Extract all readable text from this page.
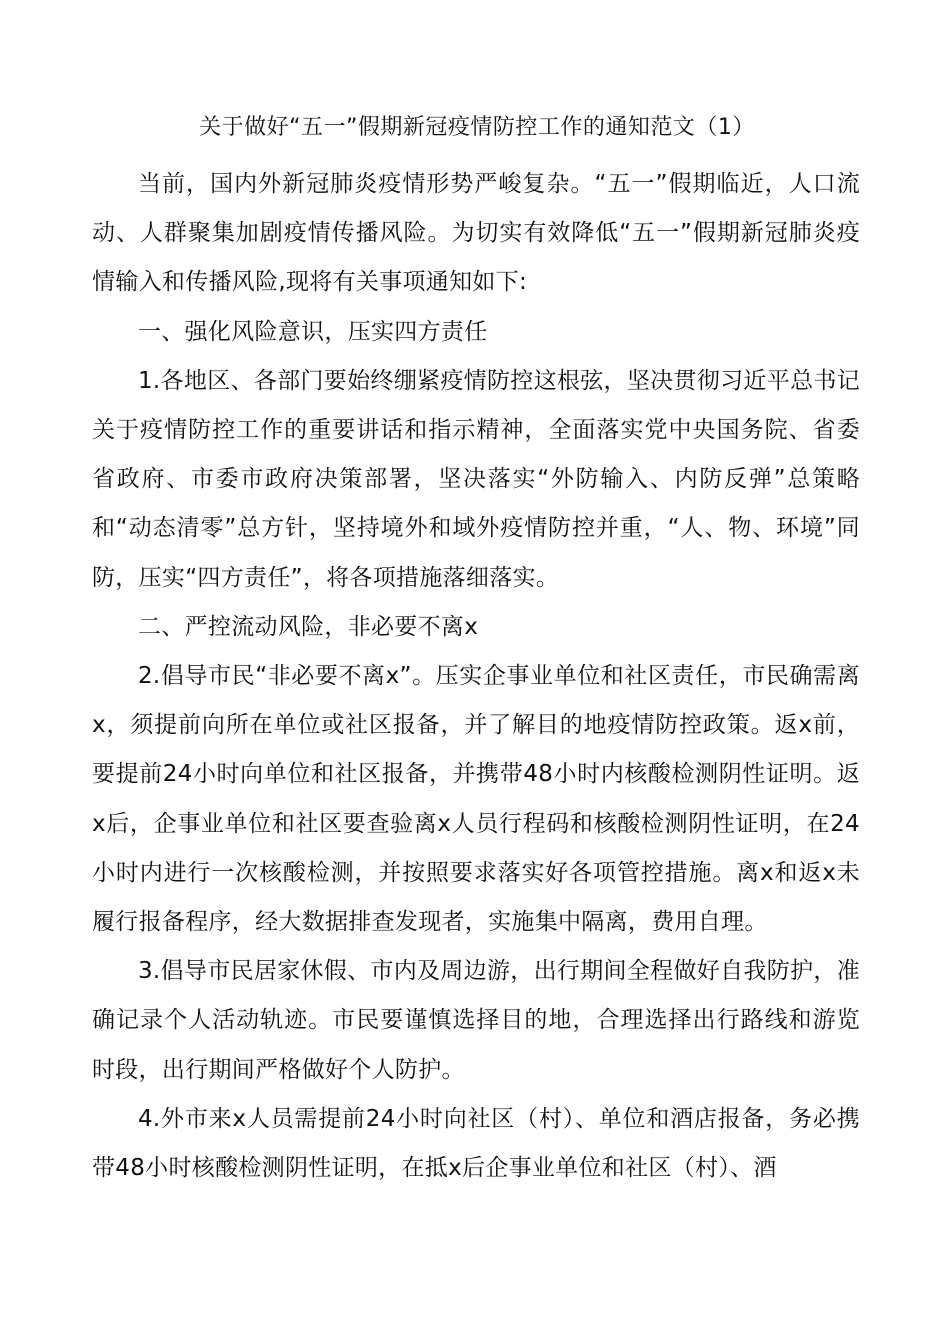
关于做好“五一”假期新冠疫情防控工作的通知范文（1）

当前，国内外新冠肺炎疫情形势严峻复杂。“五一”假期临近，人口流动、人群聚集加剧疫情传播风险。为切实有效降低“五一”假期新冠肺炎疫情输入和传播风险,现将有关事项通知如下:

一、强化风险意识，压实四方责任

1.各地区、各部门要始终绷紧疫情防控这根弦，坚决贯彻习近平总书记关于疫情防控工作的重要讲话和指示精神，全面落实党中央国务院、省委省政府、市委市政府决策部署，坚决落实“外防输入、内防反弹”总策略和“动态清零”总方针，坚持境外和域外疫情防控并重，“人、物、环境”同防，压实“四方责任”，将各项措施落细落实。

二、严控流动风险，非必要不离x

2.倡导市民“非必要不离x”。压实企事业单位和社区责任，市民确需离x，须提前向所在单位或社区报备，并了解目的地疫情防控政策。返x前，要提前24小时向单位和社区报备，并携带48小时内核酸检测阴性证明。返x后，企事业单位和社区要查验离x人员行程码和核酸检测阴性证明，在24小时内进行一次核酸检测，并按照要求落实好各项管控措施。离x和返x未履行报备程序，经大数据排查发现者，实施集中隔离，费用自理。

3.倡导市民居家休假、市内及周边游，出行期间全程做好自我防护，准确记录个人活动轨迹。市民要谨慎选择目的地，合理选择出行路线和游览时段，出行期间严格做好个人防护。

4.外市来x人员需提前24小时向社区（村）、单位和酒店报备，务必携带48小时核酸检测阴性证明，在抵x后企事业单位和社区（村）、酒
